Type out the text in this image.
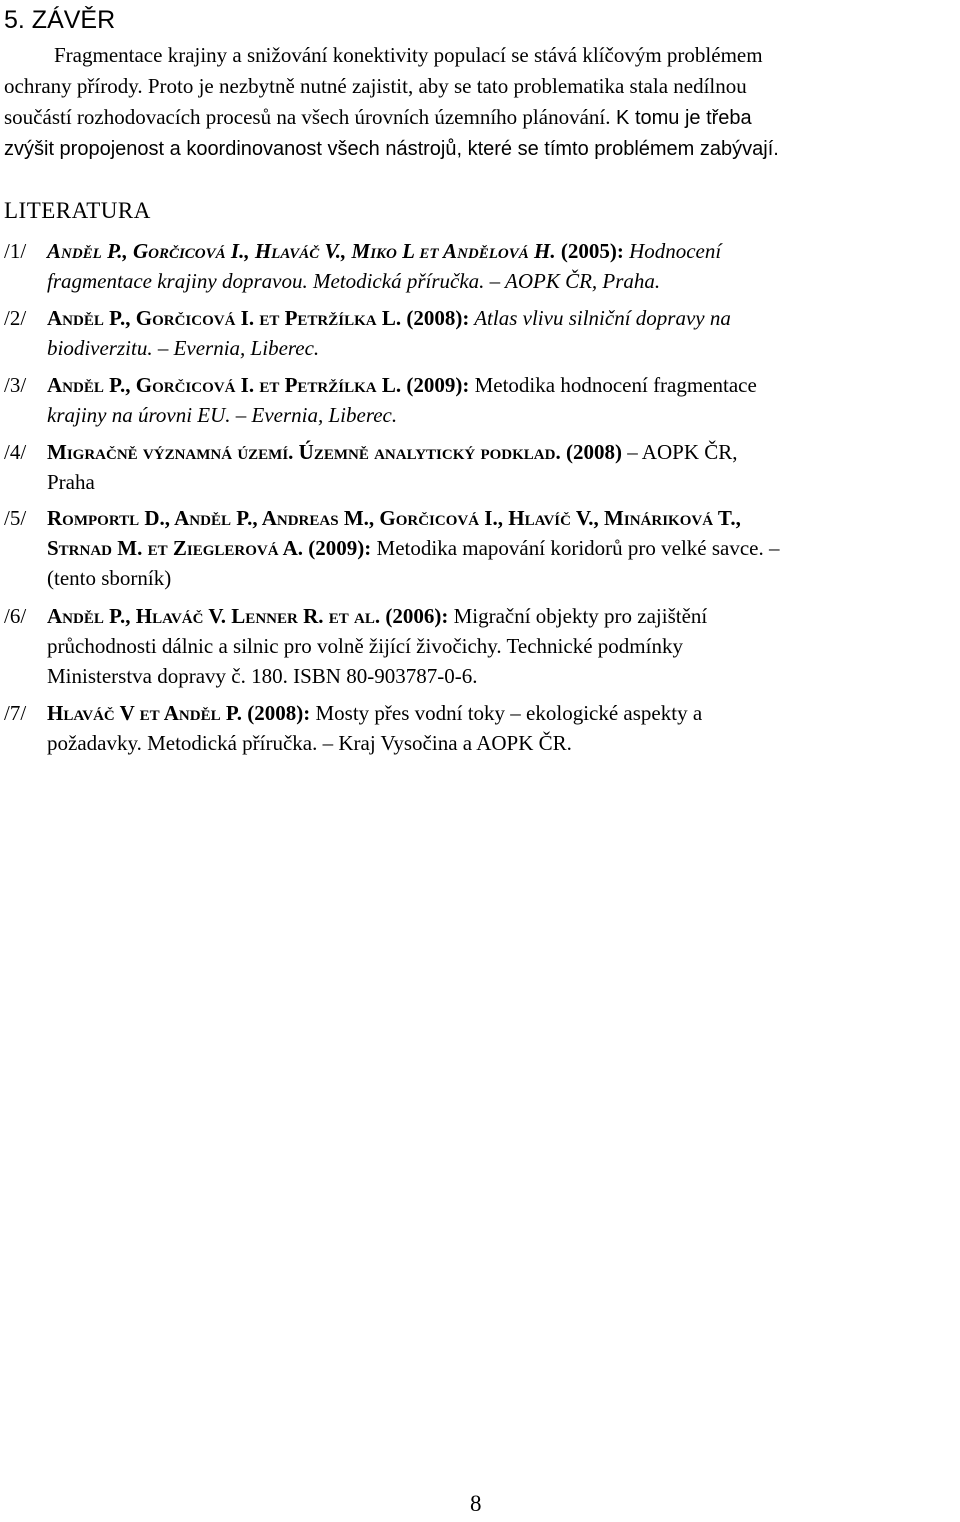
5. ZÁVĚR
Fragmentace krajiny a snižování konektivity populací se stává klíčovým problémem
ochrany přírody. Proto je nezbytně nutné zajistit, aby se tato problematika stala nedílnou
součástí rozhodovacích procesů na všech úrovních územního plánování. K tomu je třeba
zvýšit propojenost a koordinovanost všech nástrojů, které se tímto problémem zabývají.
LITERATURA
/1/ Anděl P., Gorčicová I., Hlaváč V., Miko L et Andělová H. (2005): Hodnocení
fragmentace krajiny dopravou. Metodická příručka. – AOPK ČR, Praha.
/2/ Anděl P., Gorčicová I. et Petržílka L. (2008): Atlas vlivu silniční dopravy na
biodiverzitu. – Evernia, Liberec.
/3/ Anděl P., Gorčicová I. et Petržílka L. (2009): Metodika hodnocení fragmentace
krajiny na úrovni EU. – Evernia, Liberec.
/4/ Migračně významná území. Územně analytický podklad. (2008) – AOPK ČR,
Praha
/5/ Romportl D., Anděl P., Andreas M., Gorčicová I., Hlavíč V., Mináriková T.,
Strnad M. et Zieglerová A. (2009): Metodika mapování koridorů pro velké savce. –
(tento sborník)
/6/ Anděl P., Hlaváč V. Lenner R. et al. (2006): Migrační objekty pro zajištění
průchodnosti dálnic a silnic pro volně žijící živočichy. Technické podmínky
Ministerstva dopravy č. 180. ISBN 80-903787-0-6.
/7/ Hlaváč V et Anděl P. (2008): Mosty přes vodní toky – ekologické aspekty a
požadavky. Metodická příručka. – Kraj Vysočina a AOPK ČR.
8
